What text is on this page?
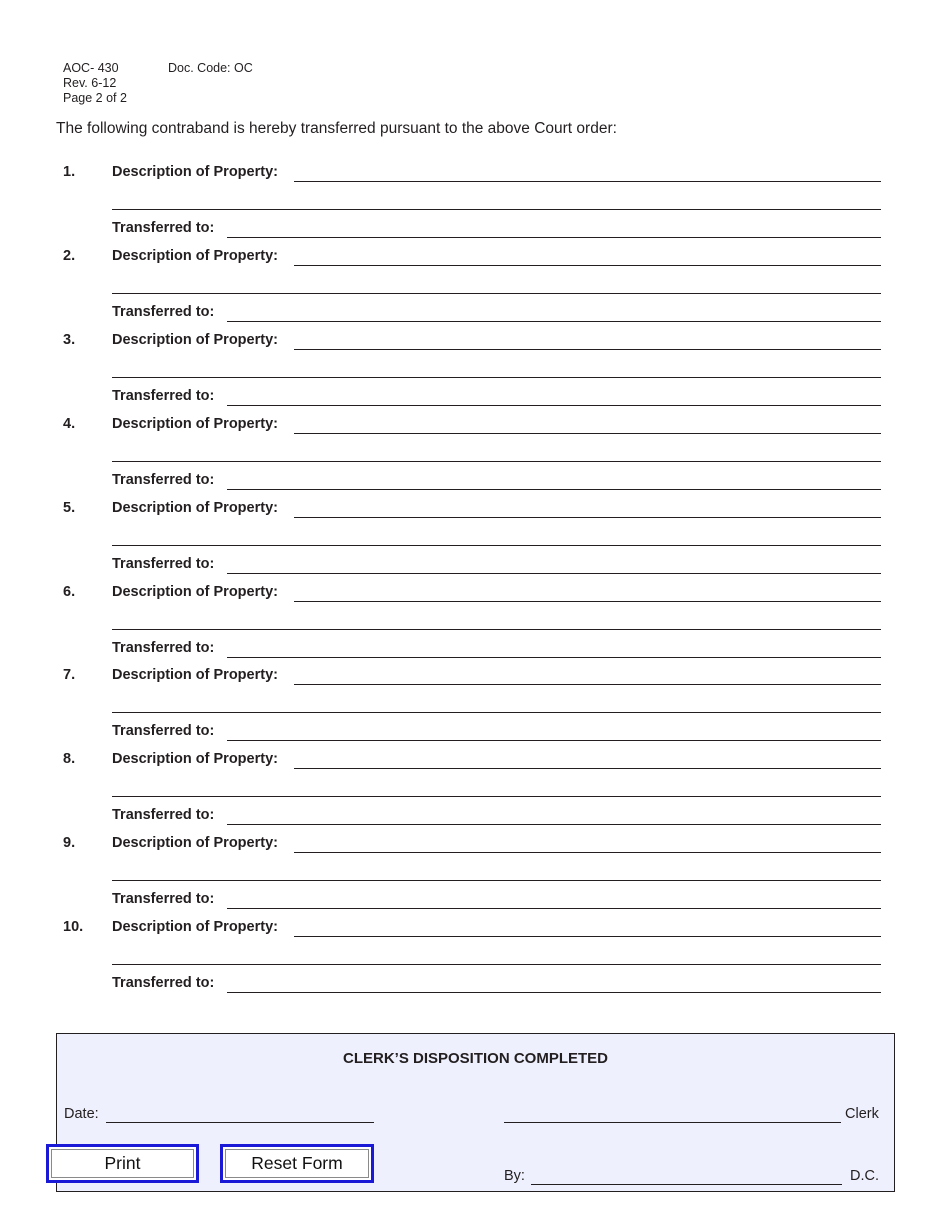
AOC- 430	Doc. Code: OC
Rev. 6-12
Page 2 of 2
The following contraband is hereby transferred pursuant to the above Court order:
1.	Description of Property:
Transferred to:
2.	Description of Property:
Transferred to:
3.	Description of Property:
Transferred to:
4.	Description of Property:
Transferred to:
5.	Description of Property:
Transferred to:
6.	Description of Property:
Transferred to:
7.	Description of Property:
Transferred to:
8.	Description of Property:
Transferred to:
9.	Description of Property:
Transferred to:
10. Description of Property:
Transferred to:
CLERK’S DISPOSITION COMPLETED
Date:	Clerk
By:	D.C.
Print	Reset Form
